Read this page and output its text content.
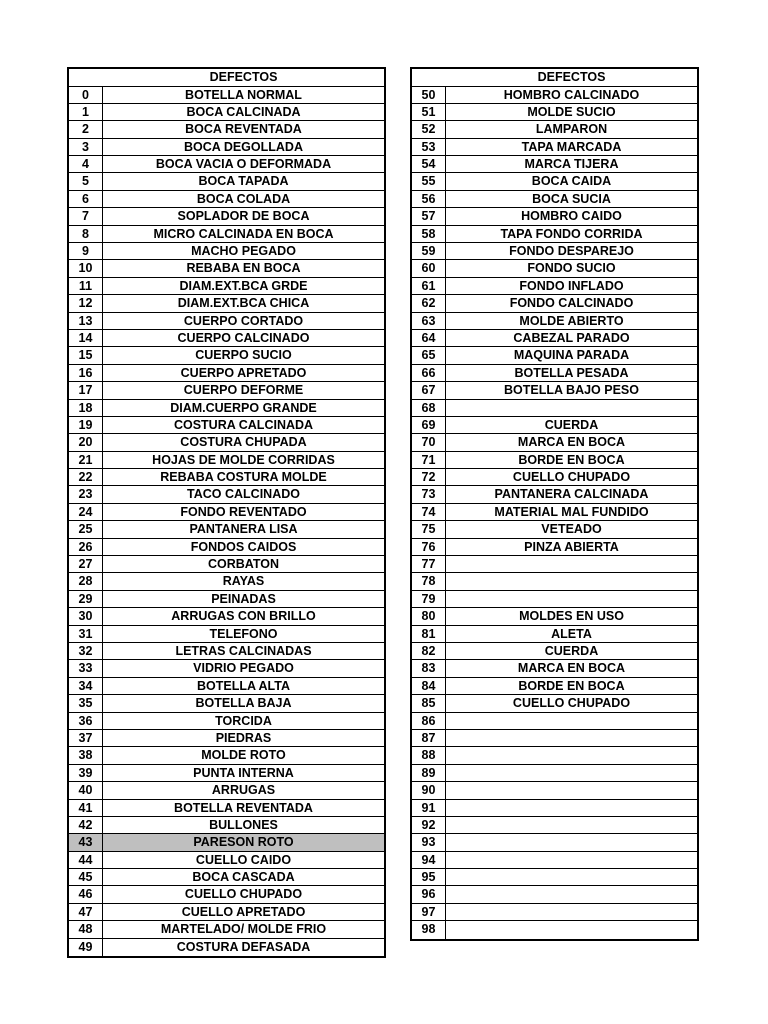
DEFECTOS
0	BOTELLA NORMAL
1	BOCA CALCINADA
2	BOCA REVENTADA
3	BOCA DEGOLLADA
4	BOCA VACIA O DEFORMADA
5	BOCA TAPADA
6	BOCA COLADA
7	SOPLADOR DE BOCA
8	MICRO CALCINADA EN BOCA
9	MACHO PEGADO
10	REBABA EN BOCA
11	DIAM.EXT.BCA GRDE
12	DIAM.EXT.BCA CHICA
13	CUERPO CORTADO
14	CUERPO CALCINADO
15	CUERPO SUCIO
16	CUERPO APRETADO
17	CUERPO DEFORME
18	DIAM.CUERPO GRANDE
19	COSTURA CALCINADA
20	COSTURA CHUPADA
21	HOJAS DE MOLDE CORRIDAS
22	REBABA COSTURA MOLDE
23	TACO CALCINADO
24	FONDO REVENTADO
25	PANTANERA LISA
26	FONDOS CAIDOS
27	CORBATON
28	RAYAS
29	PEINADAS
30	ARRUGAS CON BRILLO
31	TELEFONO
32	LETRAS CALCINADAS
33	VIDRIO PEGADO
34	BOTELLA ALTA
35	BOTELLA BAJA
36	TORCIDA
37	PIEDRAS
38	MOLDE ROTO
39	PUNTA INTERNA
40	ARRUGAS
41	BOTELLA REVENTADA
42	BULLONES
43	PARESON ROTO
44	CUELLO CAIDO
45	BOCA CASCADA
46	CUELLO CHUPADO
47	CUELLO APRETADO
48	MARTELADO/ MOLDE FRIO
49	COSTURA DEFASADA
DEFECTOS
50	HOMBRO CALCINADO
51	MOLDE SUCIO
52	LAMPARON
53	TAPA MARCADA
54	MARCA TIJERA
55	BOCA CAIDA
56	BOCA SUCIA
57	HOMBRO CAIDO
58	TAPA FONDO CORRIDA
59	FONDO DESPAREJO
60	FONDO SUCIO
61	FONDO INFLADO
62	FONDO CALCINADO
63	MOLDE ABIERTO
64	CABEZAL PARADO
65	MAQUINA PARADA
66	BOTELLA PESADA
67	BOTELLA BAJO PESO
68
69	CUERDA
70	MARCA EN BOCA
71	BORDE EN BOCA
72	CUELLO CHUPADO
73	PANTANERA CALCINADA
74	MATERIAL MAL FUNDIDO
75	VETEADO
76	PINZA ABIERTA
77
78
79
80	MOLDES EN USO
81	ALETA
82	CUERDA
83	MARCA EN BOCA
84	BORDE EN BOCA
85	CUELLO CHUPADO
86
87
88
89
90
91
92
93
94
95
96
97
98
